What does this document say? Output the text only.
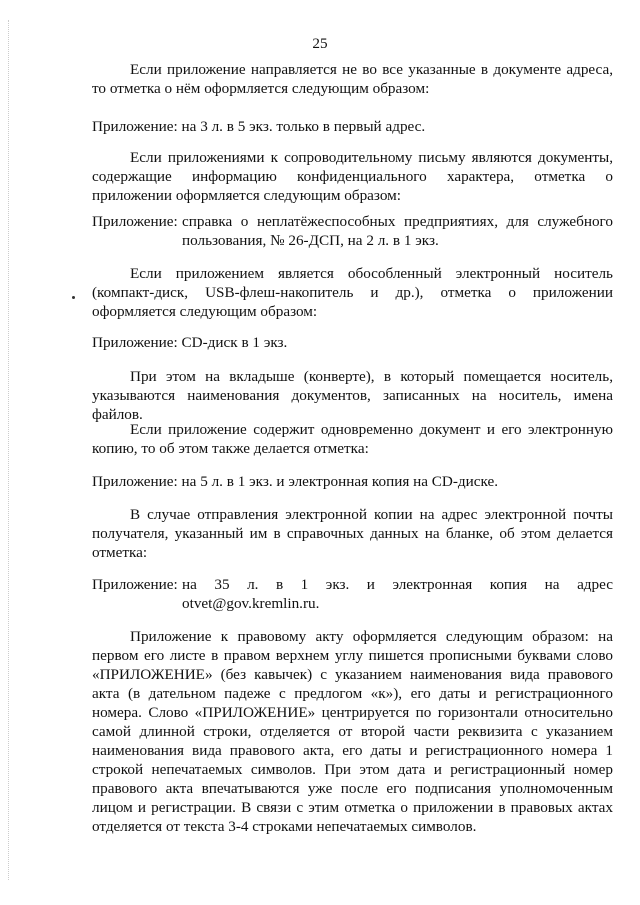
25
Если приложение направляется не во все указанные в документе адреса, то отметка о нём оформляется следующим образом:
Приложение: на 3 л. в 5 экз. только в первый адрес.
Если приложениями к сопроводительному письму являются документы, содержащие информацию конфиденциального характера, отметка о приложении оформляется следующим образом:
Приложение: справка о неплатёжеспособных предприятиях, для служебного пользования, № 26-ДСП, на 2 л. в 1 экз.
Если приложением является обособленный электронный носитель (компакт-диск, USB-флеш-накопитель и др.), отметка о приложении оформляется следующим образом:
Приложение: CD-диск в 1 экз.
При этом на вкладыше (конверте), в который помещается носитель, указываются наименования документов, записанных на носитель, имена файлов.
Если приложение содержит одновременно документ и его электронную копию, то об этом также делается отметка:
Приложение: на 5 л. в 1 экз. и электронная копия на CD-диске.
В случае отправления электронной копии на адрес электронной почты получателя, указанный им в справочных данных на бланке, об этом делается отметка:
Приложение: на 35 л. в 1 экз. и электронная копия на адрес otvet@gov.kremlin.ru.
Приложение к правовому акту оформляется следующим образом: на первом его листе в правом верхнем углу пишется прописными буквами слово «ПРИЛОЖЕНИЕ» (без кавычек) с указанием наименования вида правового акта (в дательном падеже с предлогом «к»), его даты и регистрационного номера. Слово «ПРИЛОЖЕНИЕ» центрируется по горизонтали относительно самой длинной строки, отделяется от второй части реквизита с указанием наименования вида правового акта, его даты и регистрационного номера 1 строкой непечатаемых символов. При этом дата и регистрационный номер правового акта впечатываются уже после его подписания уполномоченным лицом и регистрации. В связи с этим отметка о приложении в правовых актах отделяется от текста 3-4 строками непечатаемых символов.
